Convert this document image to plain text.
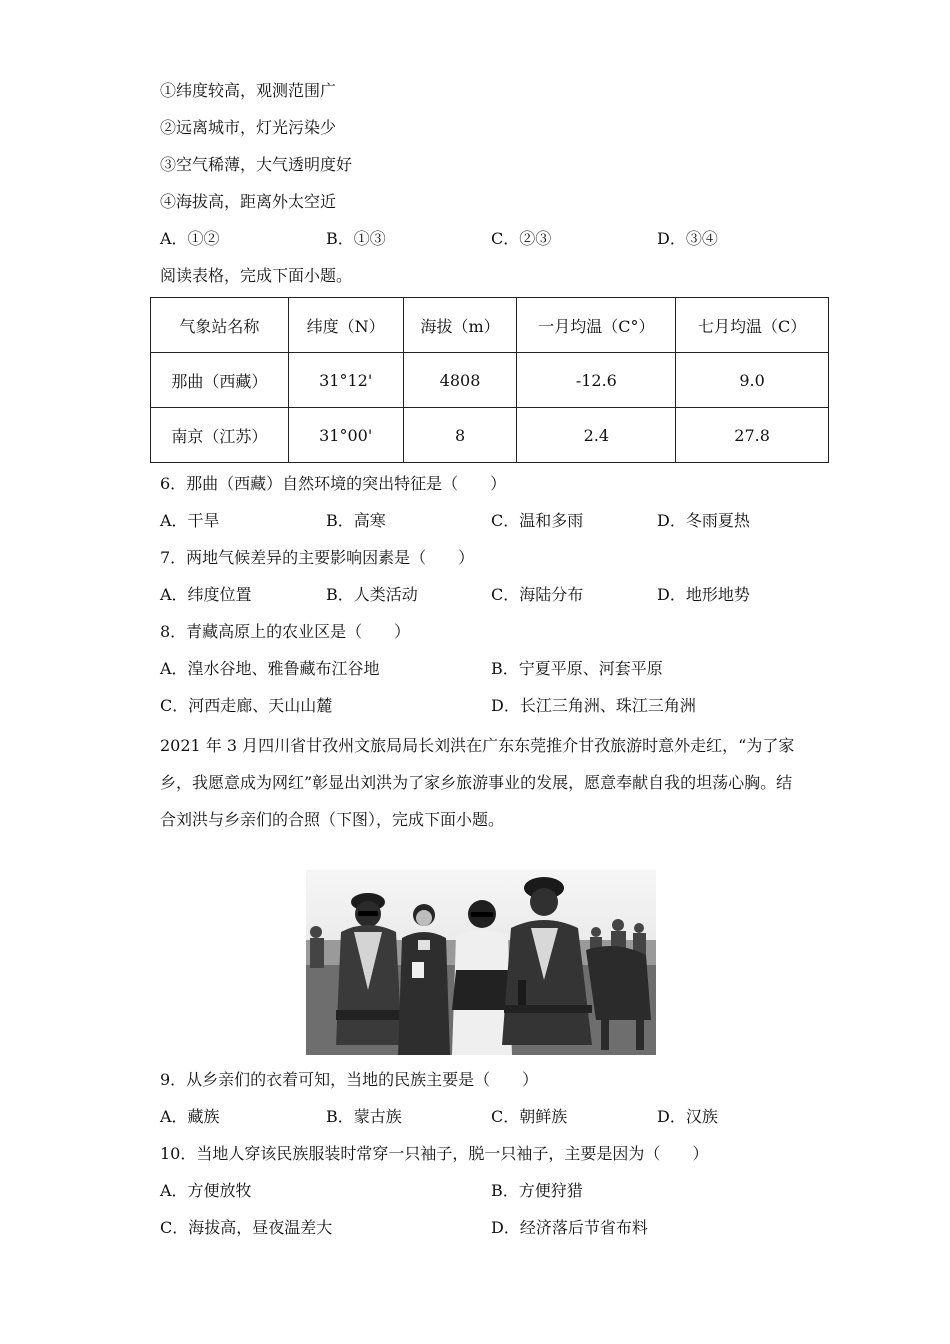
①纬度较高，观测范围广
②远离城市，灯光污染少
③空气稀薄，大气透明度好
④海拔高，距离外太空近
A．①②	B．①③	C．②③	D．③④
阅读表格，完成下面小题。
气象站名称	纬度（N）	海拔（m）	一月均温（C°）	七月均温（C）
那曲（西藏）	31°12'	4808	-12.6	9.0
南京（江苏）	31°00'	8	2.4	27.8
6．那曲（西藏）自然环境的突出特征是（　　）
A．干旱	B．高寒	C．温和多雨	D．冬雨夏热
7．两地气候差异的主要影响因素是（　　）
A．纬度位置	B．人类活动	C．海陆分布	D．地形地势
8．青藏高原上的农业区是（　　）
A．湟水谷地、雅鲁藏布江谷地	B．宁夏平原、河套平原
C．河西走廊、天山山麓	D．长江三角洲、珠江三角洲
2021 年 3 月四川省甘孜州文旅局局长刘洪在广东东莞推介甘孜旅游时意外走红，“为了家乡，我愿意成为网红”彰显出刘洪为了家乡旅游事业的发展，愿意奉献自我的坦荡心胸。结合刘洪与乡亲们的合照（下图），完成下面小题。
9．从乡亲们的衣着可知，当地的民族主要是（　　）
A．藏族	B．蒙古族	C．朝鲜族	D．汉族
10．当地人穿该民族服装时常穿一只袖子，脱一只袖子，主要是因为（　　）
A．方便放牧	B．方便狩猎
C．海拔高，昼夜温差大	D．经济落后节省布料
